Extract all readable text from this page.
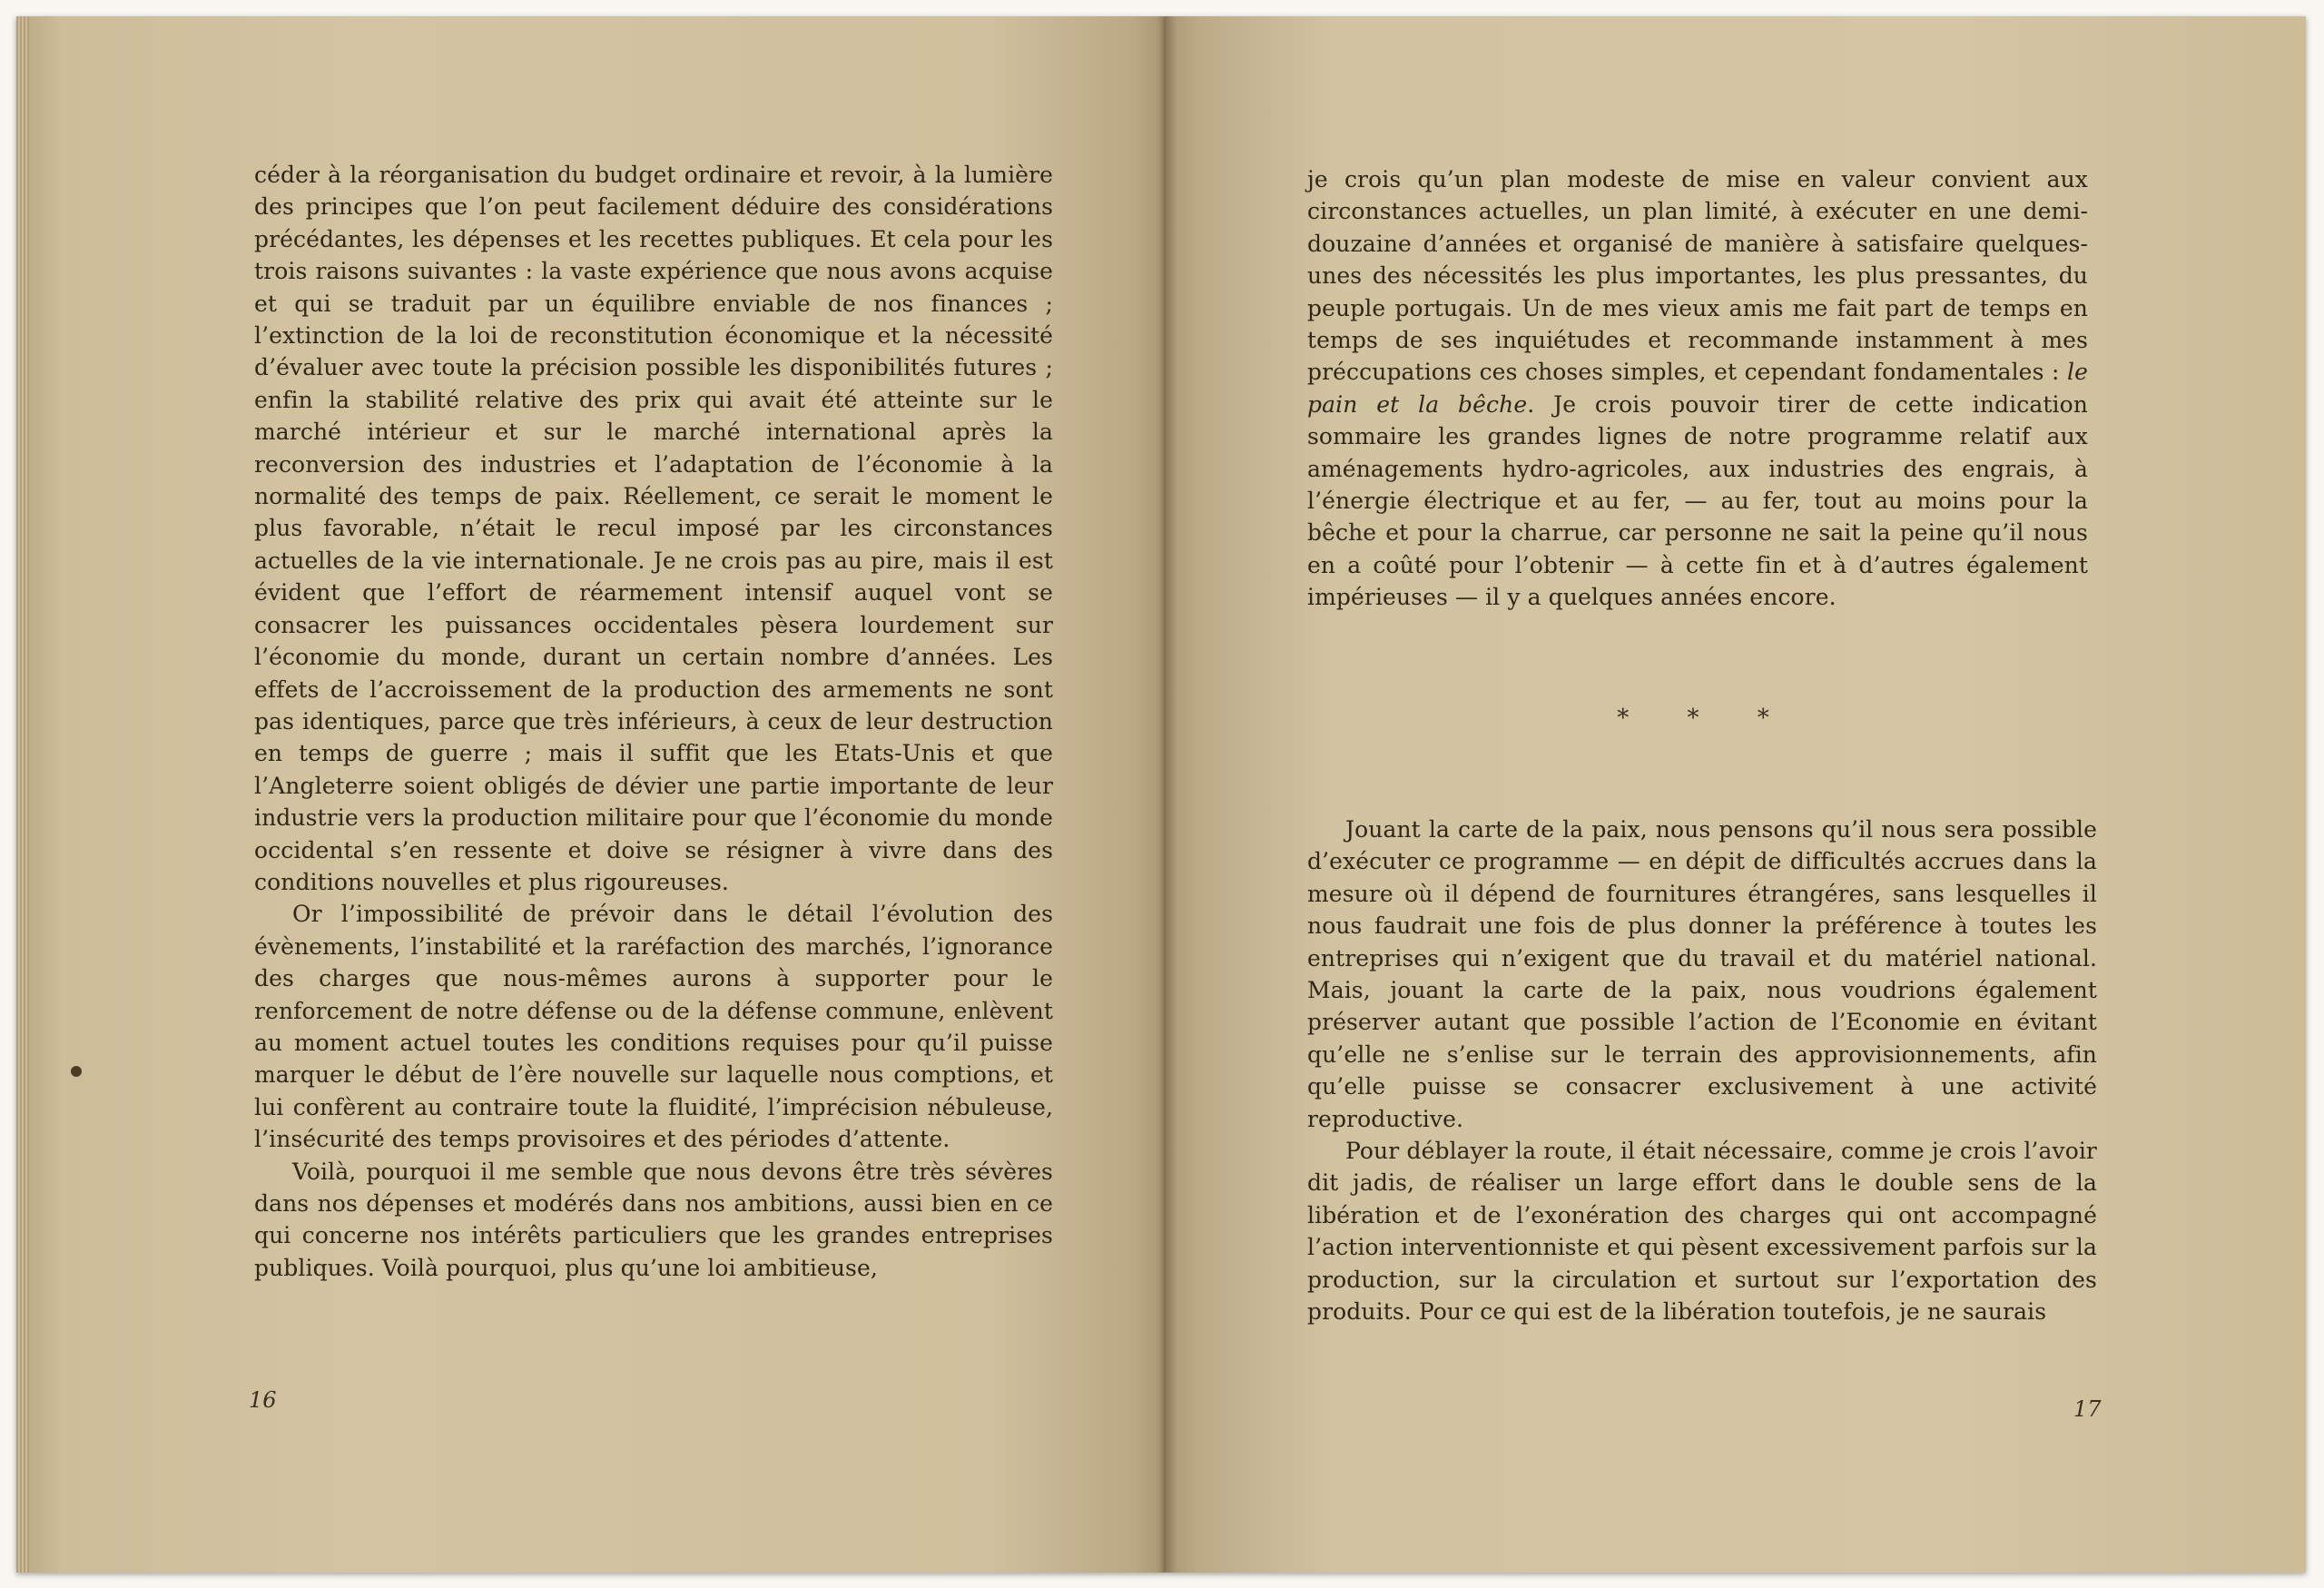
céder à la réorganisation du budget ordinaire et revoir, à la lumière des principes que l’on peut facilement déduire des considérations précédantes, les dépenses et les recettes publiques. Et cela pour les trois raisons suivantes : la vaste expérience que nous avons acquise et qui se traduit par un équilibre enviable de nos finances ; l’extinction de la loi de reconstitution économique et la nécessité d’évaluer avec toute la précision possible les disponibilités futures ; enfin la stabilité relative des prix qui avait été atteinte sur le marché intérieur et sur le marché international après la reconversion des industries et l’adaptation de l’économie à la normalité des temps de paix. Réellement, ce serait le moment le plus favorable, n’était le recul imposé par les circonstances actuelles de la vie internationale. Je ne crois pas au pire, mais il est évident que l’effort de réarmement intensif auquel vont se consacrer les puissances occidentales pèsera lourdement sur l’économie du monde, durant un certain nombre d’années. Les effets de l’accroissement de la production des armements ne sont pas identiques, parce que très inférieurs, à ceux de leur destruction en temps de guerre ; mais il suffit que les Etats-Unis et que l’Angleterre soient obligés de dévier une partie importante de leur industrie vers la production militaire pour que l’économie du monde occidental s’en ressente et doive se résigner à vivre dans des conditions nouvelles et plus rigoureuses.

Or l’impossibilité de prévoir dans le détail l’évolution des évènements, l’instabilité et la raréfaction des marchés, l’ignorance des charges que nous-mêmes aurons à supporter pour le renforcement de notre défense ou de la défense commune, enlèvent au moment actuel toutes les conditions requises pour qu’il puisse marquer le début de l’ère nouvelle sur laquelle nous comptions, et lui confèrent au contraire toute la fluidité, l’imprécision nébuleuse, l’insécurité des temps provisoires et des périodes d’attente.

Voilà, pourquoi il me semble que nous devons être très sévères dans nos dépenses et modérés dans nos ambitions, aussi bien en ce qui concerne nos intérêts particuliers que les grandes entreprises publiques. Voilà pourquoi, plus qu’une loi ambitieuse,

16

je crois qu’un plan modeste de mise en valeur convient aux circonstances actuelles, un plan limité, à exécuter en une demi-douzaine d’années et organisé de manière à satisfaire quelques-unes des nécessités les plus importantes, les plus pressantes, du peuple portugais. Un de mes vieux amis me fait part de temps en temps de ses inquiétudes et recommande instamment à mes préccupations ces choses simples, et cependant fondamentales : le pain et la bêche. Je crois pouvoir tirer de cette indication sommaire les grandes lignes de notre programme relatif aux aménagements hydro-agricoles, aux industries des engrais, à l’énergie électrique et au fer, — au fer, tout au moins pour la bêche et pour la charrue, car personne ne sait la peine qu’il nous en a coûté pour l’obtenir — à cette fin et à d’autres également impérieuses — il y a quelques années encore.

* * *

Jouant la carte de la paix, nous pensons qu’il nous sera possible d’exécuter ce programme — en dépit de difficultés accrues dans la mesure où il dépend de fournitures étrangéres, sans lesquelles il nous faudrait une fois de plus donner la préférence à toutes les entreprises qui n’exigent que du travail et du matériel national. Mais, jouant la carte de la paix, nous voudrions également préserver autant que possible l’action de l’Economie en évitant qu’elle ne s’enlise sur le terrain des approvisionnements, afin qu’elle puisse se consacrer exclusivement à une activité reproductive.

Pour déblayer la route, il était nécessaire, comme je crois l’avoir dit jadis, de réaliser un large effort dans le double sens de la libération et de l’exonération des charges qui ont accompagné l’action interventionniste et qui pèsent excessivement parfois sur la production, sur la circulation et surtout sur l’exportation des produits. Pour ce qui est de la libération toutefois, je ne saurais

17
